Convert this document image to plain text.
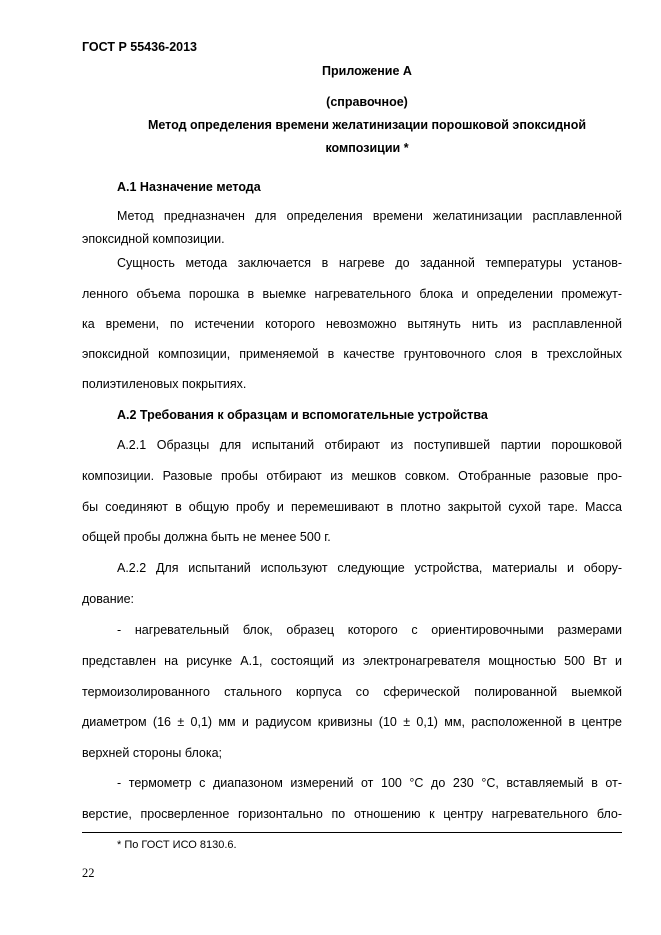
ГОСТ Р 55436-2013
Приложение А
(справочное)
Метод определения времени желатинизации порошковой эпоксидной
композиции *
А.1 Назначение метода
Метод предназначен для определения времени желатинизации расплавленной
эпоксидной композиции.
Сущность метода заключается в нагреве до заданной температуры установ-
ленного объема порошка в выемке нагревательного блока и определении промежут-
ка времени, по истечении которого невозможно вытянуть нить из расплавленной
эпоксидной композиции, применяемой в качестве грунтовочного слоя в трехслойных
полиэтиленовых покрытиях.
А.2 Требования к образцам и вспомогательные устройства
А.2.1 Образцы для испытаний отбирают из поступившей партии порошковой
композиции. Разовые пробы отбирают из мешков совком. Отобранные разовые про-
бы соединяют в общую пробу и перемешивают в плотно закрытой сухой таре. Масса
общей пробы должна быть не менее 500 г.
А.2.2 Для испытаний используют следующие устройства, материалы и обору-
дование:
- нагревательный блок, образец которого с ориентировочными размерами
представлен на рисунке А.1, состоящий из электронагревателя мощностью 500 Вт и
термоизолированного стального корпуса со сферической полированной выемкой
диаметром (16 ± 0,1) мм и радиусом кривизны (10 ± 0,1) мм, расположенной в центре
верхней стороны блока;
- термометр с диапазоном измерений от 100 °С до 230 °С, вставляемый в от-
верстие, просверленное горизонтально по отношению к центру нагревательного бло-
* По ГОСТ ИСО 8130.6.
22
